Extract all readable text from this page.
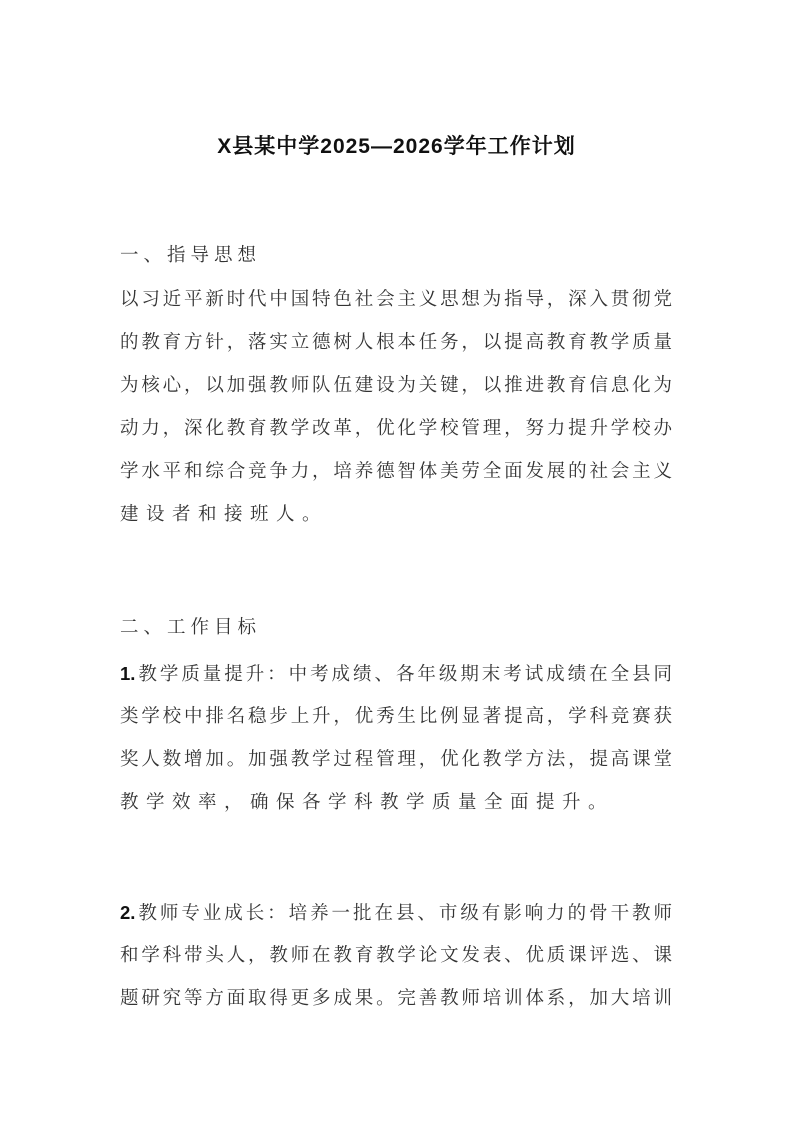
X县某中学2025—2026学年工作计划
一、指导思想
以习近平新时代中国特色社会主义思想为指导，深入贯彻党
的教育方针，落实立德树人根本任务，以提高教育教学质量
为核心，以加强教师队伍建设为关键，以推进教育信息化为
动力，深化教育教学改革，优化学校管理，努力提升学校办
学水平和综合竞争力，培养德智体美劳全面发展的社会主义
建设者和接班人。
二、工作目标
1.教学质量提升：中考成绩、各年级期末考试成绩在全县同
类学校中排名稳步上升，优秀生比例显著提高，学科竞赛获
奖人数增加。加强教学过程管理，优化教学方法，提高课堂
教学效率，确保各学科教学质量全面提升。
2.教师专业成长：培养一批在县、市级有影响力的骨干教师
和学科带头人，教师在教育教学论文发表、优质课评选、课
题研究等方面取得更多成果。完善教师培训体系，加大培训
